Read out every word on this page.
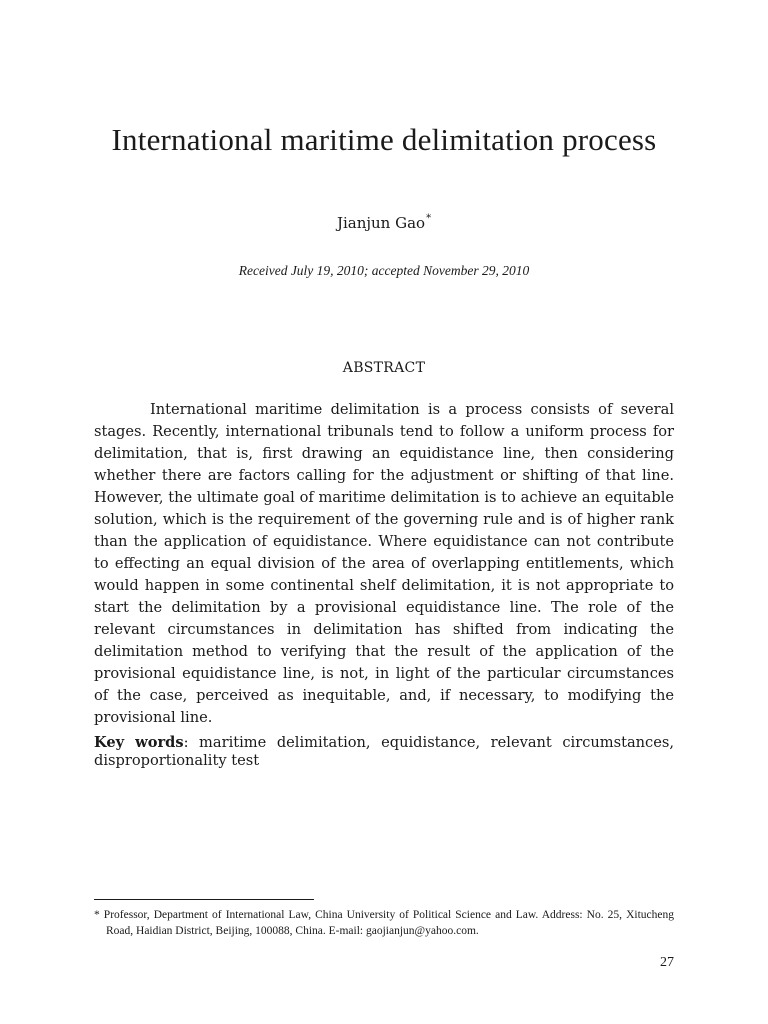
International maritime delimitation process
Jianjun Gao*
Received July 19, 2010; accepted November 29, 2010
ABSTRACT

International maritime delimitation is a process consists of several stages. Recently, international tribunals tend to follow a uniform process for delimitation, that is, first drawing an equidistance line, then considering whether there are factors calling for the adjustment or shifting of that line. However, the ultimate goal of maritime delimitation is to achieve an equitable solution, which is the requirement of the governing rule and is of higher rank than the application of equidistance. Where equidistance can not contribute to effecting an equal division of the area of overlapping entitlements, which would happen in some continental shelf delimitation, it is not appropriate to start the delimitation by a provisional equidistance line. The role of the relevant circumstances in delimitation has shifted from indicating the delimitation method to verifying that the result of the application of the provisional equidistance line, is not, in light of the particular circumstances of the case, perceived as inequitable, and, if necessary, to modifying the provisional line.

Key words: maritime delimitation, equidistance, relevant circumstances, disproportionality test

* Professor, Department of International Law, China University of Political Science and Law. Address: No. 25, Xitucheng Road, Haidian District, Beijing, 100088, China. E-mail: gaojianjun@yahoo.com.

27
